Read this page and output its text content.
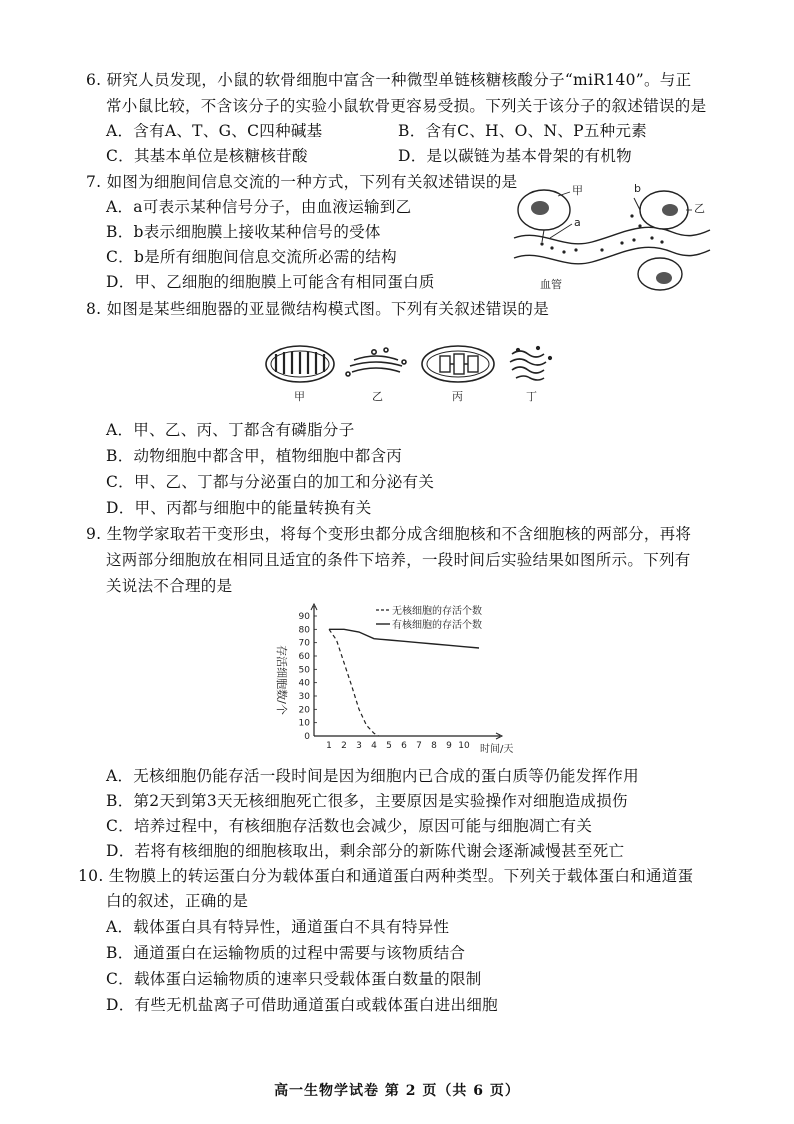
6. 研究人员发现，小鼠的软骨细胞中富含一种微型单链核糖核酸分子“miR140”。与正
常小鼠比较，不含该分子的实验小鼠软骨更容易受损。下列关于该分子的叙述错误的是
A．含有A、T、G、C四种碱基	B．含有C、H、O、N、P五种元素
C．其基本单位是核糖核苷酸	D．是以碳链为基本骨架的有机物
7. 如图为细胞间信息交流的一种方式，下列有关叙述错误的是
A．a可表示某种信号分子，由血液运输到乙
B．b表示细胞膜上接收某种信号的受体
C．b是所有细胞间信息交流所必需的结构
D．甲、乙细胞的细胞膜上可能含有相同蛋白质
甲
a
b
乙
血管
8. 如图是某些细胞器的亚显微结构模式图。下列有关叙述错误的是
甲	乙	丙	丁
A．甲、乙、丙、丁都含有磷脂分子
B．动物细胞中都含甲，植物细胞中都含丙
C．甲、乙、丁都与分泌蛋白的加工和分泌有关
D．甲、丙都与细胞中的能量转换有关
9. 生物学家取若干变形虫，将每个变形虫都分成含细胞核和不含细胞核的两部分，再将
这两部分细胞放在相同且适宜的条件下培养，一段时间后实验结果如图所示。下列有
关说法不合理的是
0
10
20
30
40
50
60
70
80
90
1 2 3 4 5 6 7 8 9 10
存活细胞数/个
时间/天
无核细胞的存活个数
有核细胞的存活个数
A．无核细胞仍能存活一段时间是因为细胞内已合成的蛋白质等仍能发挥作用
B．第2天到第3天无核细胞死亡很多，主要原因是实验操作对细胞造成损伤
C．培养过程中，有核细胞存活数也会减少，原因可能与细胞凋亡有关
D．若将有核细胞的细胞核取出，剩余部分的新陈代谢会逐渐减慢甚至死亡
10. 生物膜上的转运蛋白分为载体蛋白和通道蛋白两种类型。下列关于载体蛋白和通道蛋
白的叙述，正确的是
A．载体蛋白具有特异性，通道蛋白不具有特异性
B．通道蛋白在运输物质的过程中需要与该物质结合
C．载体蛋白运输物质的速率只受载体蛋白数量的限制
D．有些无机盐离子可借助通道蛋白或载体蛋白进出细胞
高一生物学试卷 第 2 页（共 6 页）
